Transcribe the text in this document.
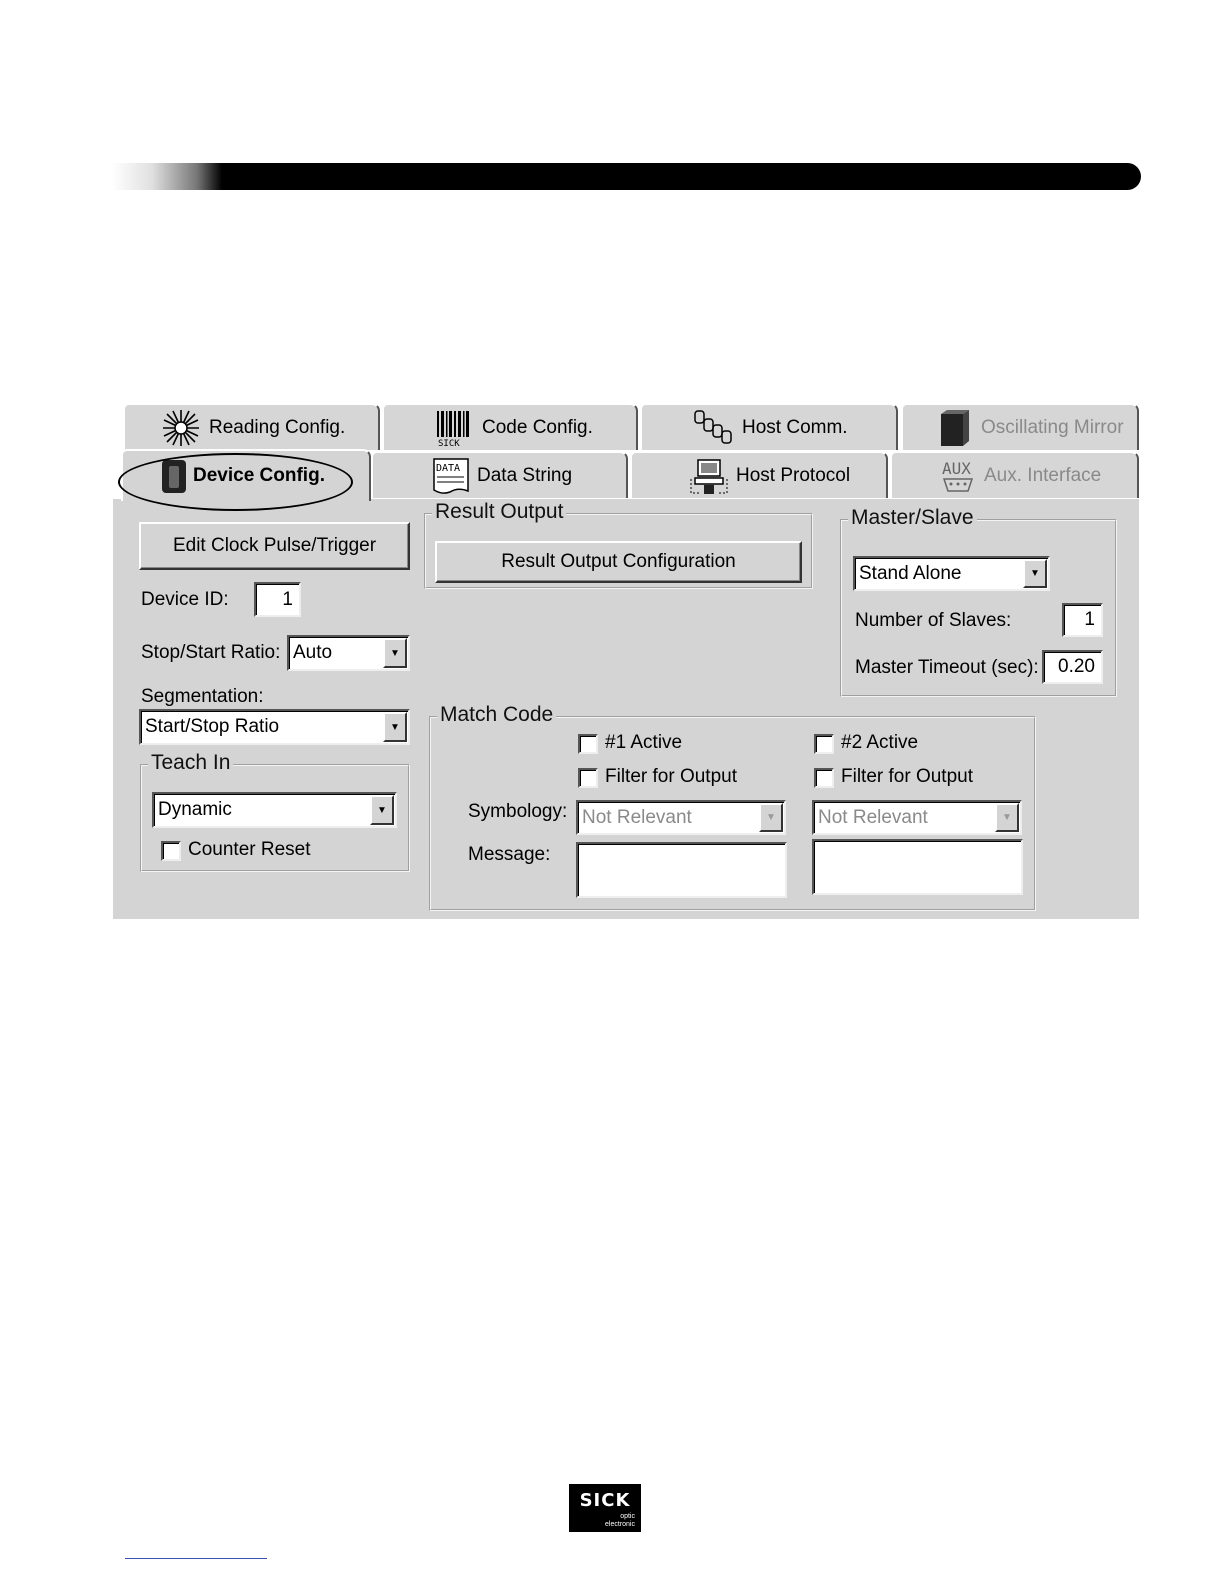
Reading Config.
SICK
Code Config.	Host Comm.	Oscillating Mirror
Device Config.	DATA Data String	Host Protocol	AUX Aux. Interface
Edit Clock Pulse/Trigger
Device ID:	1
Stop/Start Ratio: Auto	▼
Segmentation:
Start/Stop Ratio	▼
Teach In
Dynamic	▼
Counter Reset
Result Output
Result Output Configuration
Master/Slave
Stand Alone	▼
Number of Slaves:	1
Master Timeout (sec):	0.20
Match Code
#1 Active	#2 Active
Filter for Output	Filter for Output
Symbology: Not Relevant	▼	Not Relevant	▼
Message:
SICK
optic
electronic
